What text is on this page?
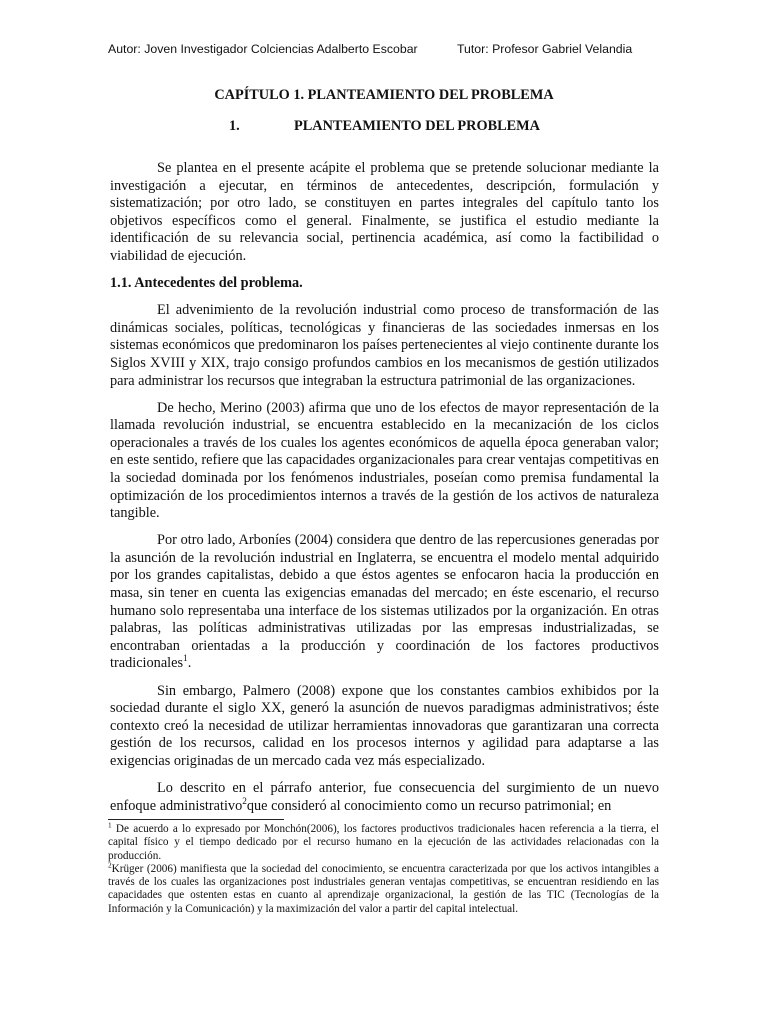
Autor: Joven Investigador Colciencias Adalberto Escobar	Tutor: Profesor Gabriel Velandia
CAPÍTULO 1. PLANTEAMIENTO DEL PROBLEMA
1.	PLANTEAMIENTO DEL PROBLEMA

Se plantea en el presente acápite el problema que se pretende solucionar mediante la investigación a ejecutar, en términos de antecedentes, descripción, formulación y sistematización; por otro lado, se constituyen en partes integrales del capítulo tanto los objetivos específicos como el general. Finalmente, se justifica el estudio mediante la identificación de su relevancia social, pertinencia académica, así como la factibilidad o viabilidad de ejecución.

1.1. Antecedentes del problema.

El advenimiento de la revolución industrial como proceso de transformación de las dinámicas sociales, políticas, tecnológicas y financieras de las sociedades inmersas en los sistemas económicos que predominaron los países pertenecientes al viejo continente durante los Siglos XVIII y XIX, trajo consigo profundos cambios en los mecanismos de gestión utilizados para administrar los recursos que integraban la estructura patrimonial de las organizaciones.

De hecho, Merino (2003) afirma que uno de los efectos de mayor representación de la llamada revolución industrial, se encuentra establecido en la mecanización de los ciclos operacionales a través de los cuales los agentes económicos de aquella época generaban valor; en este sentido, refiere que las capacidades organizacionales para crear ventajas competitivas en la sociedad dominada por los fenómenos industriales, poseían como premisa fundamental la optimización de los procedimientos internos a través de la gestión de los activos de naturaleza tangible.

Por otro lado, Arboníes (2004) considera que dentro de las repercusiones generadas por la asunción de la revolución industrial en Inglaterra, se encuentra el modelo mental adquirido por los grandes capitalistas, debido a que éstos agentes se enfocaron hacia la producción en masa, sin tener en cuenta las exigencias emanadas del mercado; en éste escenario, el recurso humano solo representaba una interface de los sistemas utilizados por la organización. En otras palabras, las políticas administrativas utilizadas por las empresas industrializadas, se encontraban orientadas a la producción y coordinación de los factores productivos tradicionales$^1$.

Sin embargo, Palmero (2008) expone que los constantes cambios exhibidos por la sociedad durante el siglo XX, generó la asunción de nuevos paradigmas administrativos; éste contexto creó la necesidad de utilizar herramientas innovadoras que garantizaran una correcta gestión de los recursos, calidad en los procesos internos y agilidad para adaptarse a las exigencias originadas de un mercado cada vez más especializado.

Lo descrito en el párrafo anterior, fue consecuencia del surgimiento de un nuevo enfoque administrativo$^2$que consideró al conocimiento como un recurso patrimonial; en

$^1$ De acuerdo a lo expresado por Monchón(2006), los factores productivos tradicionales hacen referencia a la tierra, el capital físico y el tiempo dedicado por el recurso humano en la ejecución de las actividades relacionadas con la producción.

$^2$Krüger (2006) manifiesta que la sociedad del conocimiento, se encuentra caracterizada por que los activos intangibles a través de los cuales las organizaciones post industriales generan ventajas competitivas, se encuentran residiendo en las capacidades que ostenten estas en cuanto al aprendizaje organizacional, la gestión de las TIC (Tecnologías de la Información y la Comunicación) y la maximización del valor a partir del capital intelectual.
